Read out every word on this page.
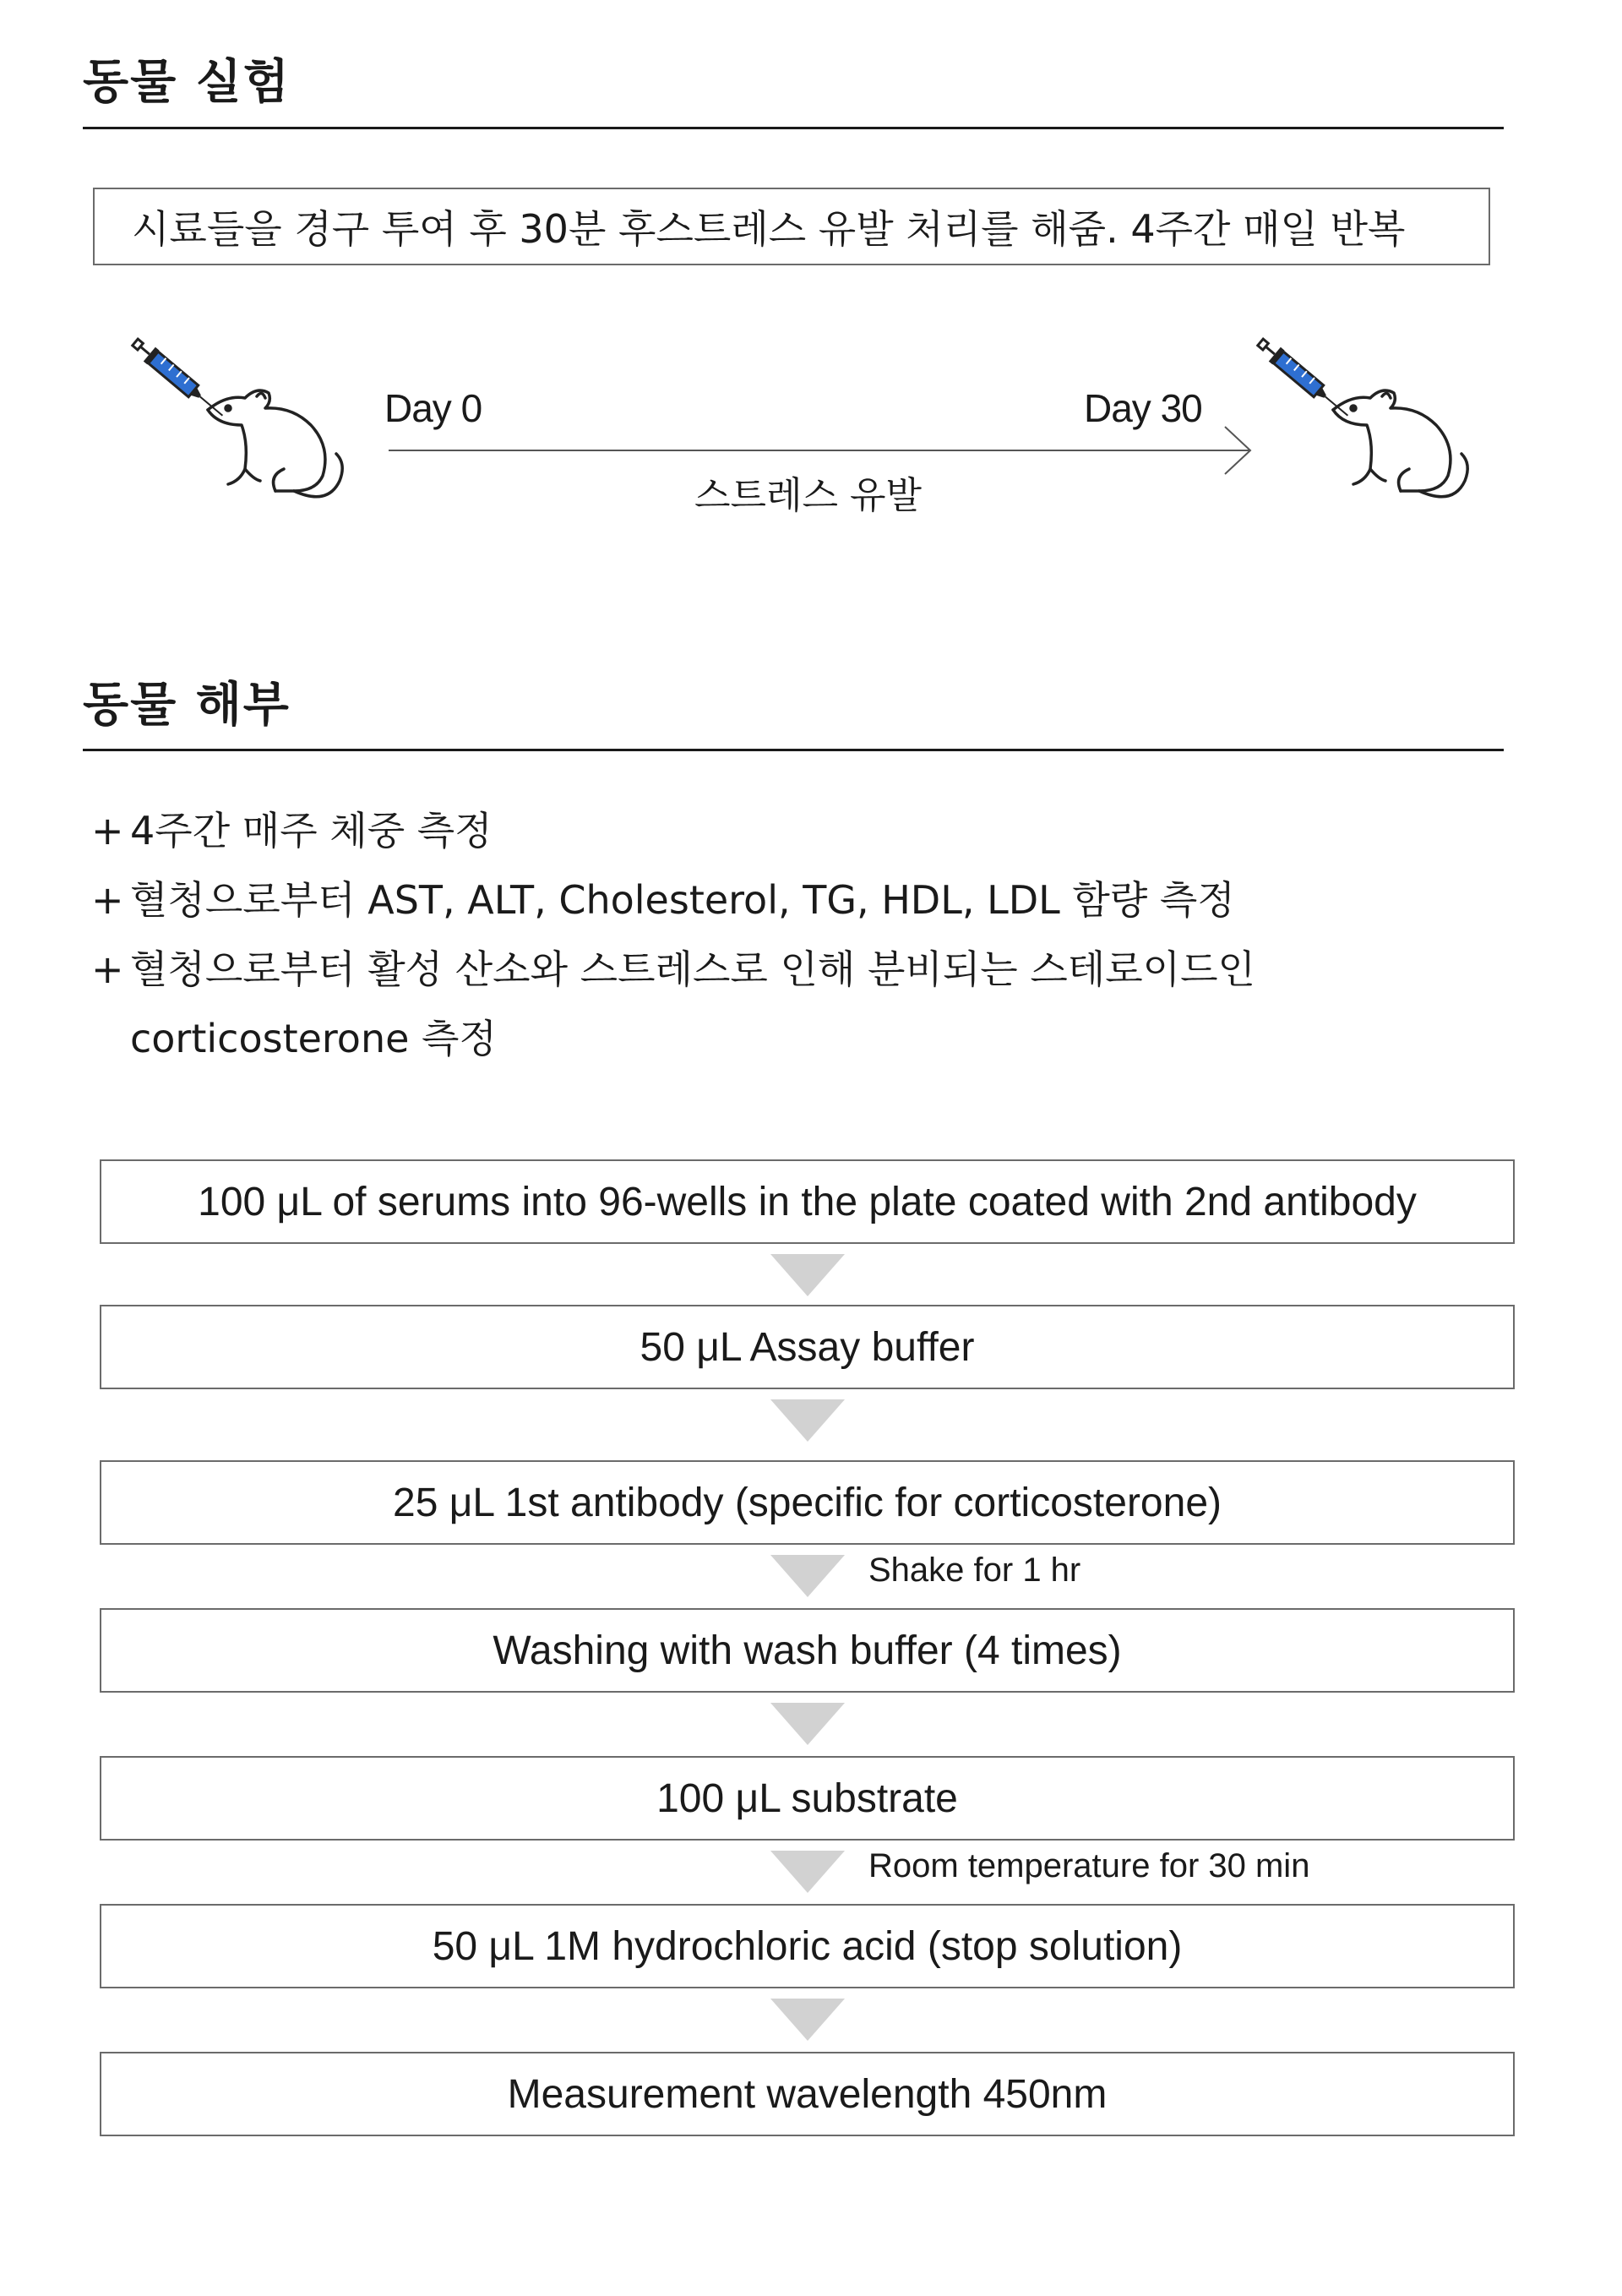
동물 실험
시료들을 경구 투여 후 30분 후스트레스 유발 처리를 해줌. 4주간 매일 반복
Day 0	Day 30
스트레스 유발
동물 해부
+ 4주간 매주 체중 측정
+ 혈청으로부터 AST, ALT, Cholesterol, TG, HDL, LDL 함량 측정
+ 혈청으로부터 활성 산소와 스트레스로 인해 분비되는 스테로이드인
corticosterone 측정
100 μL of serums into 96-wells in the plate coated with 2nd antibody
50 μL Assay buffer
25 μL 1st antibody (specific for corticosterone)
Shake for 1 hr
Washing with wash buffer (4 times)
100 μL substrate
Room temperature for 30 min
50 μL 1M hydrochloric acid (stop solution)
Measurement wavelength 450nm
